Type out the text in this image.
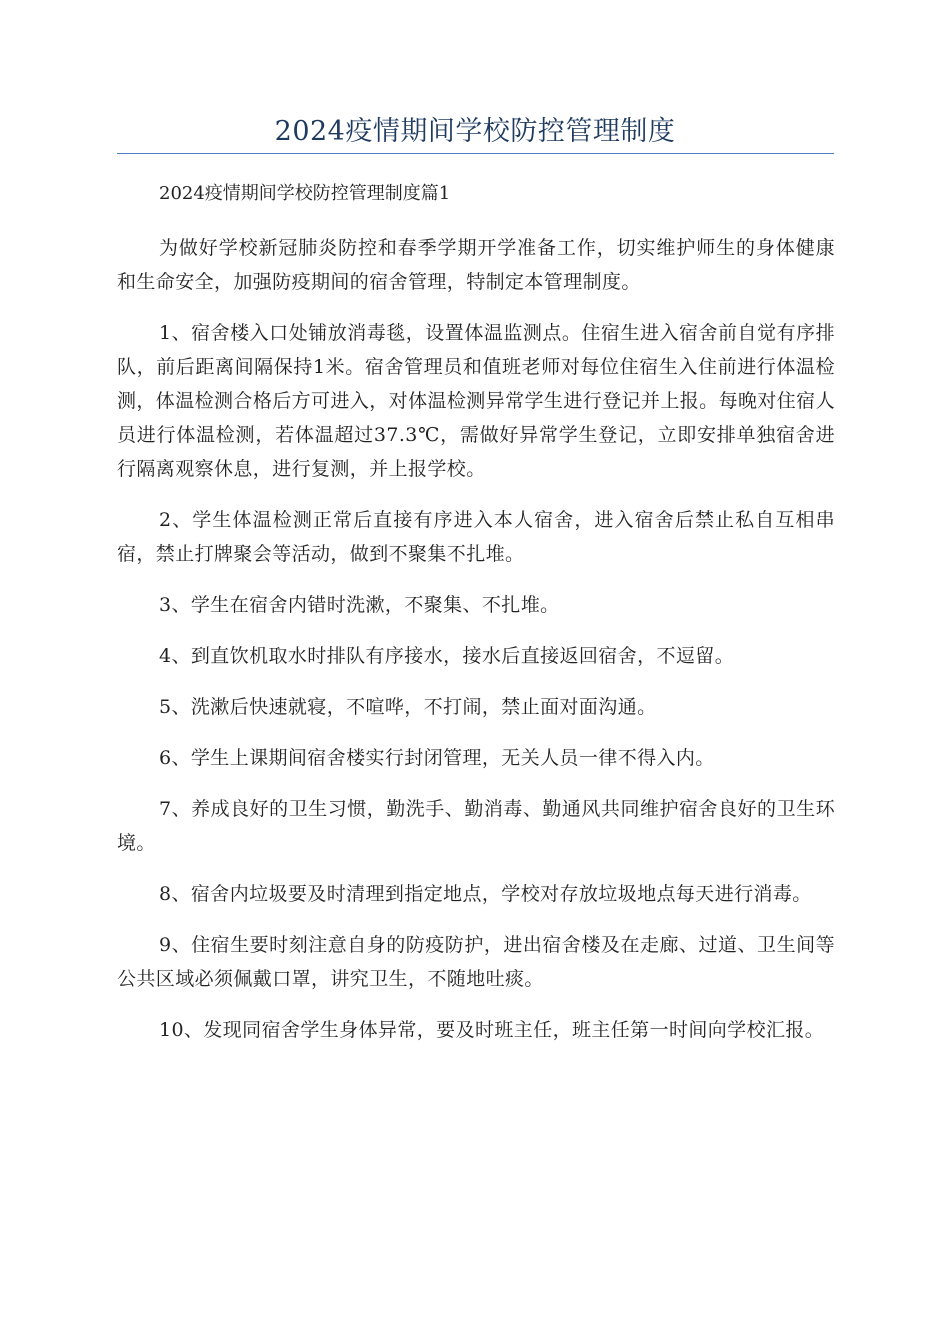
2024疫情期间学校防控管理制度

2024疫情期间学校防控管理制度篇1

为做好学校新冠肺炎防控和春季学期开学准备工作，切实维护师生的身体健康和生命安全，加强防疫期间的宿舍管理，特制定本管理制度。

1、宿舍楼入口处铺放消毒毯，设置体温监测点。住宿生进入宿舍前自觉有序排队，前后距离间隔保持1米。宿舍管理员和值班老师对每位住宿生入住前进行体温检测，体温检测合格后方可进入，对体温检测异常学生进行登记并上报。每晚对住宿人员进行体温检测，若体温超过37.3℃，需做好异常学生登记，立即安排单独宿舍进行隔离观察休息，进行复测，并上报学校。

2、学生体温检测正常后直接有序进入本人宿舍，进入宿舍后禁止私自互相串宿，禁止打牌聚会等活动，做到不聚集不扎堆。

3、学生在宿舍内错时洗漱，不聚集、不扎堆。

4、到直饮机取水时排队有序接水，接水后直接返回宿舍，不逗留。

5、洗漱后快速就寝，不喧哗，不打闹，禁止面对面沟通。

6、学生上课期间宿舍楼实行封闭管理，无关人员一律不得入内。

7、养成良好的卫生习惯，勤洗手、勤消毒、勤通风共同维护宿舍良好的卫生环境。

8、宿舍内垃圾要及时清理到指定地点，学校对存放垃圾地点每天进行消毒。

9、住宿生要时刻注意自身的防疫防护，进出宿舍楼及在走廊、过道、卫生间等公共区域必须佩戴口罩，讲究卫生，不随地吐痰。

10、发现同宿舍学生身体异常，要及时班主任，班主任第一时间向学校汇报。
